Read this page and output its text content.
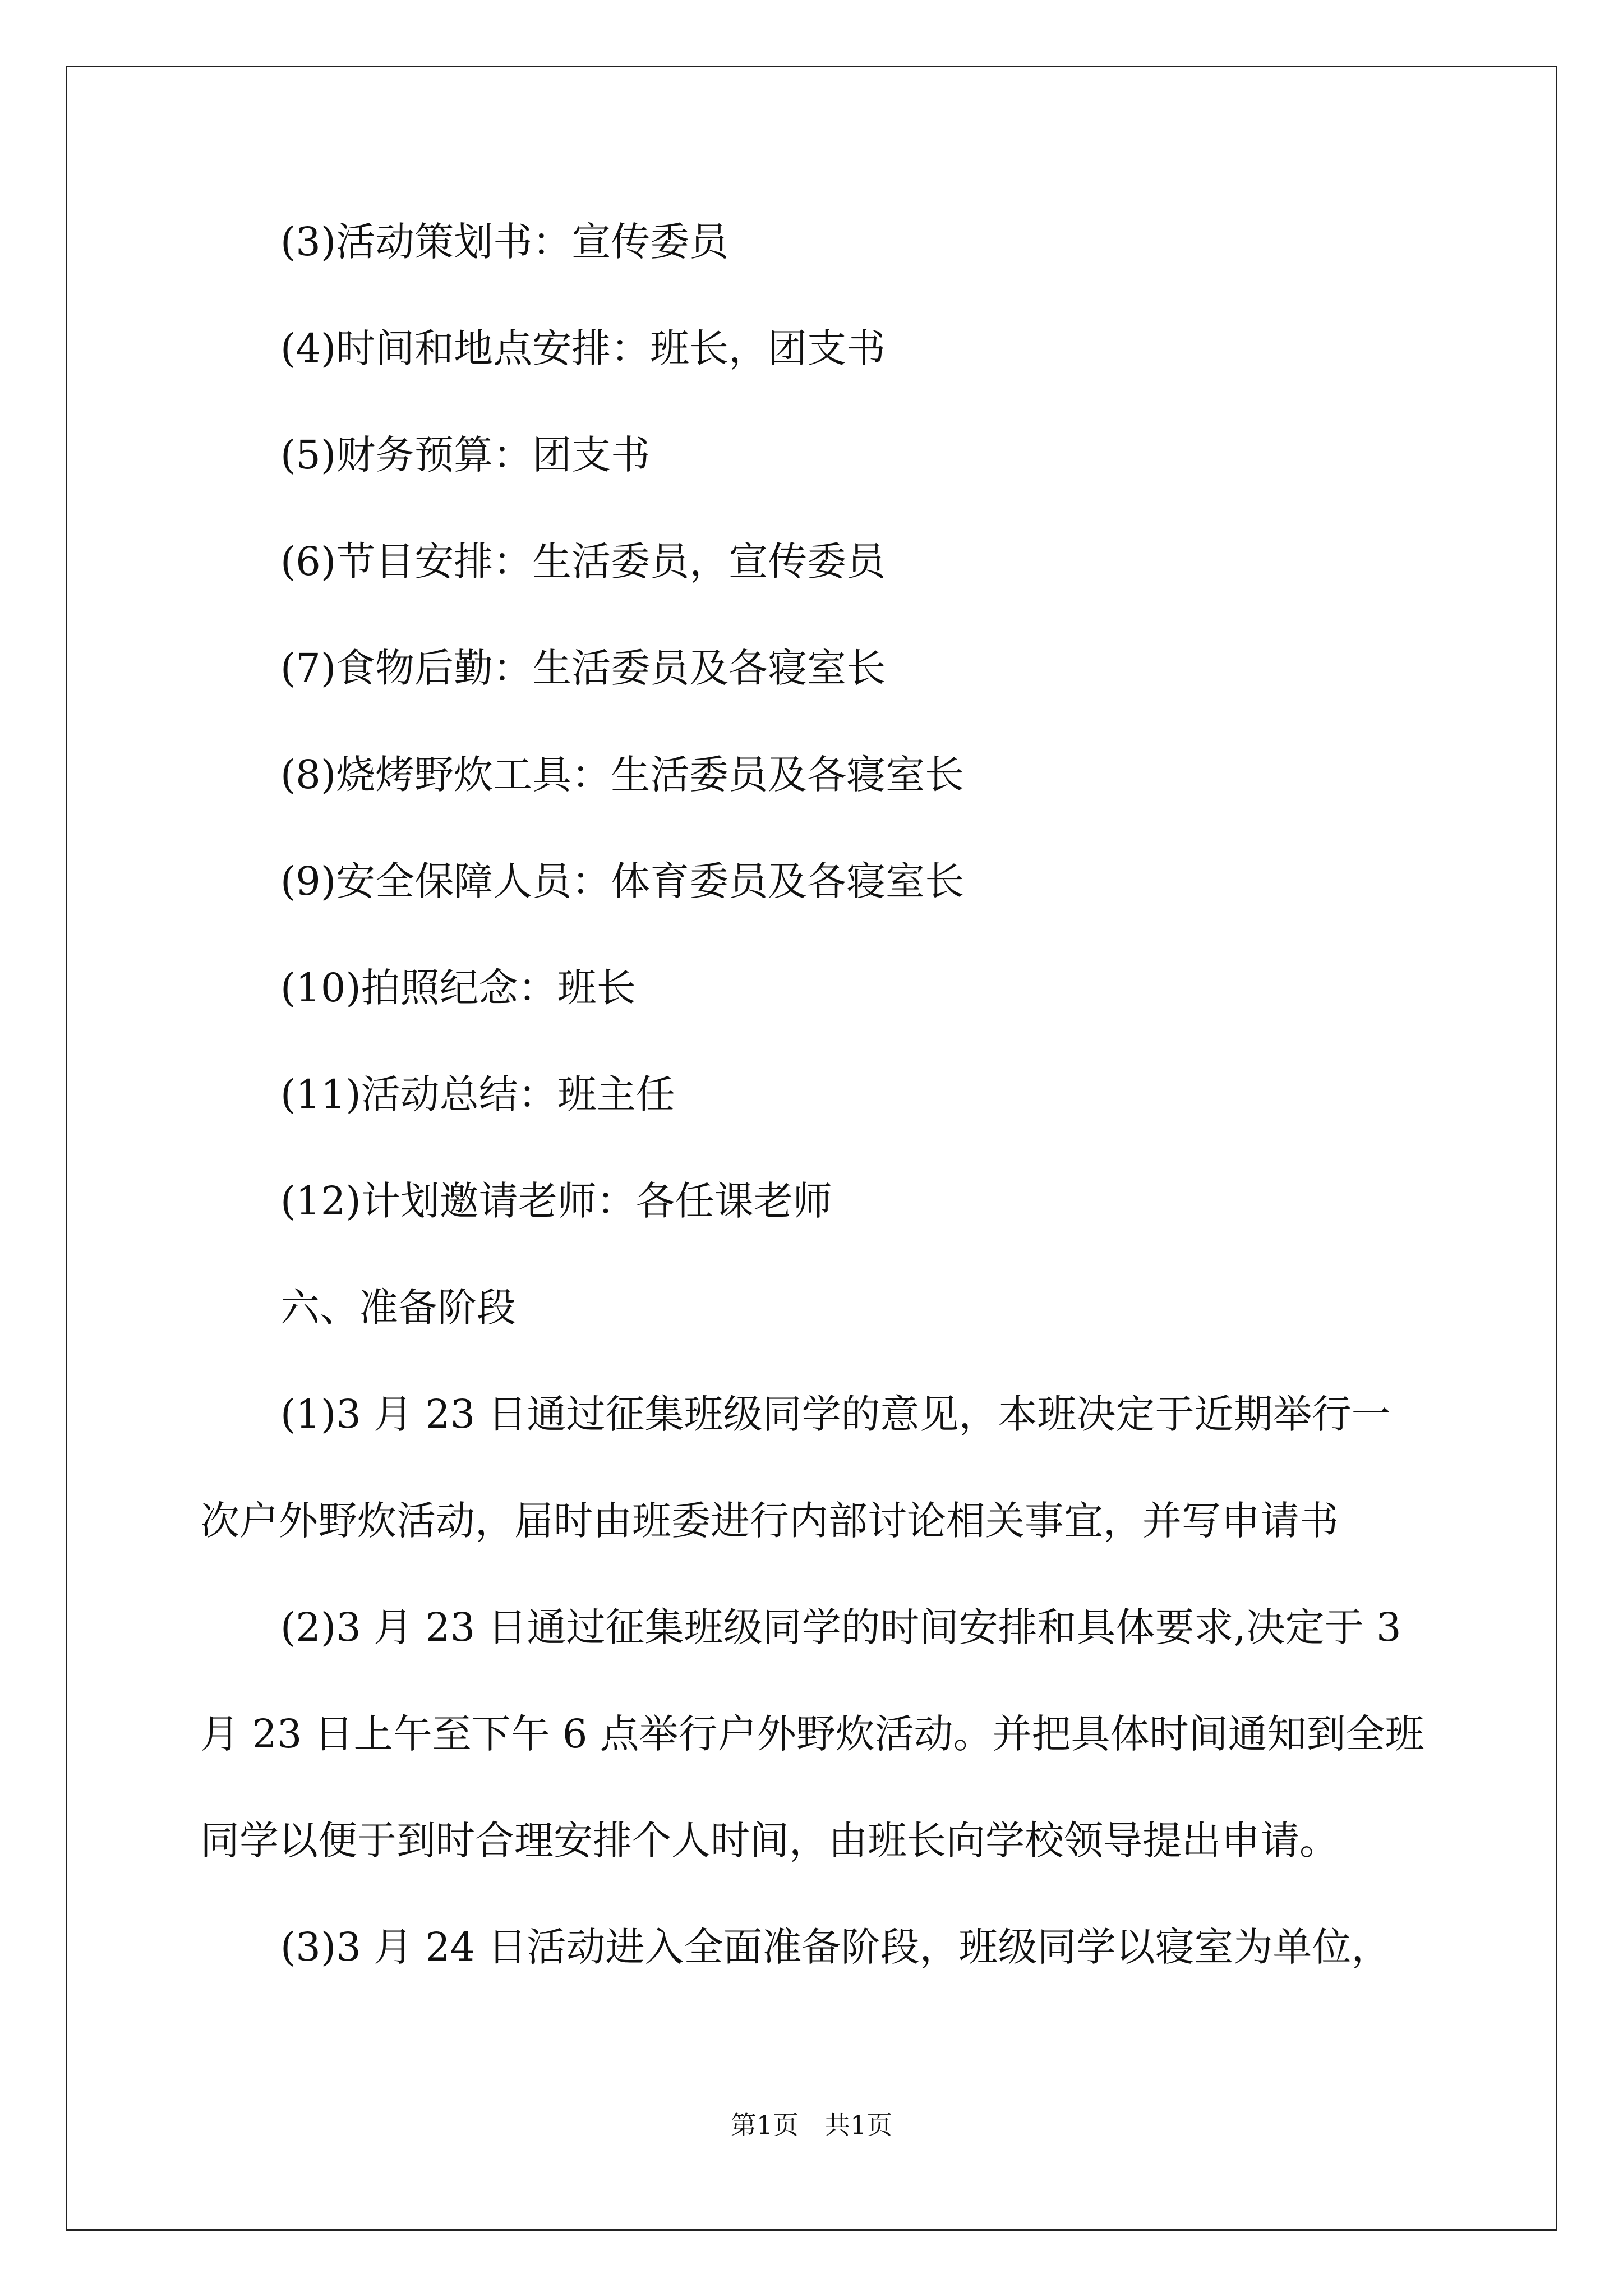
(3)活动策划书：宣传委员
(4)时间和地点安排：班长，团支书
(5)财务预算：团支书
(6)节目安排：生活委员，宣传委员
(7)食物后勤：生活委员及各寝室长
(8)烧烤野炊工具：生活委员及各寝室长
(9)安全保障人员：体育委员及各寝室长
(10)拍照纪念：班长
(11)活动总结：班主任
(12)计划邀请老师：各任课老师
六、准备阶段
(1)3 月 23 日通过征集班级同学的意见，本班决定于近期举行一
次户外野炊活动，届时由班委进行内部讨论相关事宜，并写申请书
(2)3 月 23 日通过征集班级同学的时间安排和具体要求,决定于 3
月 23 日上午至下午 6 点举行户外野炊活动。并把具体时间通知到全班
同学以便于到时合理安排个人时间，由班长向学校领导提出申请。
(3)3 月 24 日活动进入全面准备阶段，班级同学以寝室为单位，
第1页　共1页
